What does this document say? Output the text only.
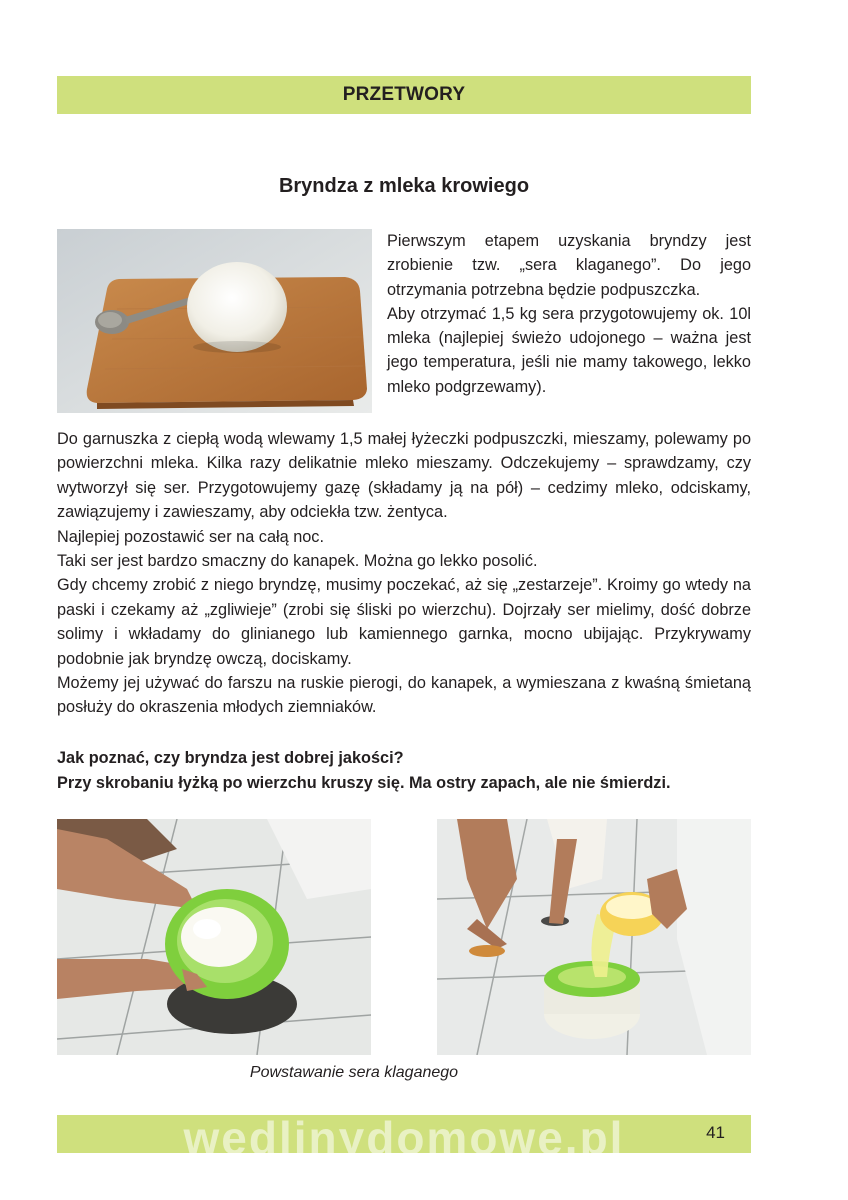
PRZETWORY
Bryndza z mleka krowiego

Pierwszym etapem uzyskania bryndzy jest zrobienie tzw. „sera klaganego”. Do jego otrzymania potrzebna będzie podpuszczka.

Aby otrzymać 1,5 kg sera przygotowujemy ok. 10l mleka (najlepiej świeżo udojonego – ważna jest jego temperatura, jeśli nie mamy takowego, lekko mleko podgrzewamy).

Do garnuszka z ciepłą wodą wlewamy 1,5 małej łyżeczki podpuszczki, mieszamy, polewamy po powierzchni mleka. Kilka razy delikatnie mleko mieszamy. Odczekujemy – sprawdzamy, czy wytworzył się ser. Przygotowujemy gazę (składamy ją na pół) – cedzimy mleko, odciskamy, zawiązujemy i zawieszamy, aby odciekła tzw. żentyca.

Najlepiej pozostawić ser na całą noc.

Taki ser jest bardzo smaczny do kanapek. Można go lekko posolić.

Gdy chcemy zrobić z niego bryndzę, musimy poczekać, aż się „zestarzeje”. Kroimy go wtedy na paski i czekamy aż „zgliwieje” (zrobi się śliski po wierzchu). Dojrzały ser mielimy, dość dobrze solimy i wkładamy do glinianego lub kamiennego garnka, mocno ubijając. Przykrywamy podobnie jak bryndzę owczą, dociskamy.

Możemy jej używać do farszu na ruskie pierogi, do kanapek, a wymieszana z kwaśną śmietaną posłuży do okraszenia młodych ziemniaków.

Jak poznać, czy bryndza jest dobrej jakości?

Przy skrobaniu łyżką po wierzchu kruszy się. Ma ostry zapach, ale nie śmierdzi.

Powstawanie sera klaganego
wedlinydomowe.pl	41
